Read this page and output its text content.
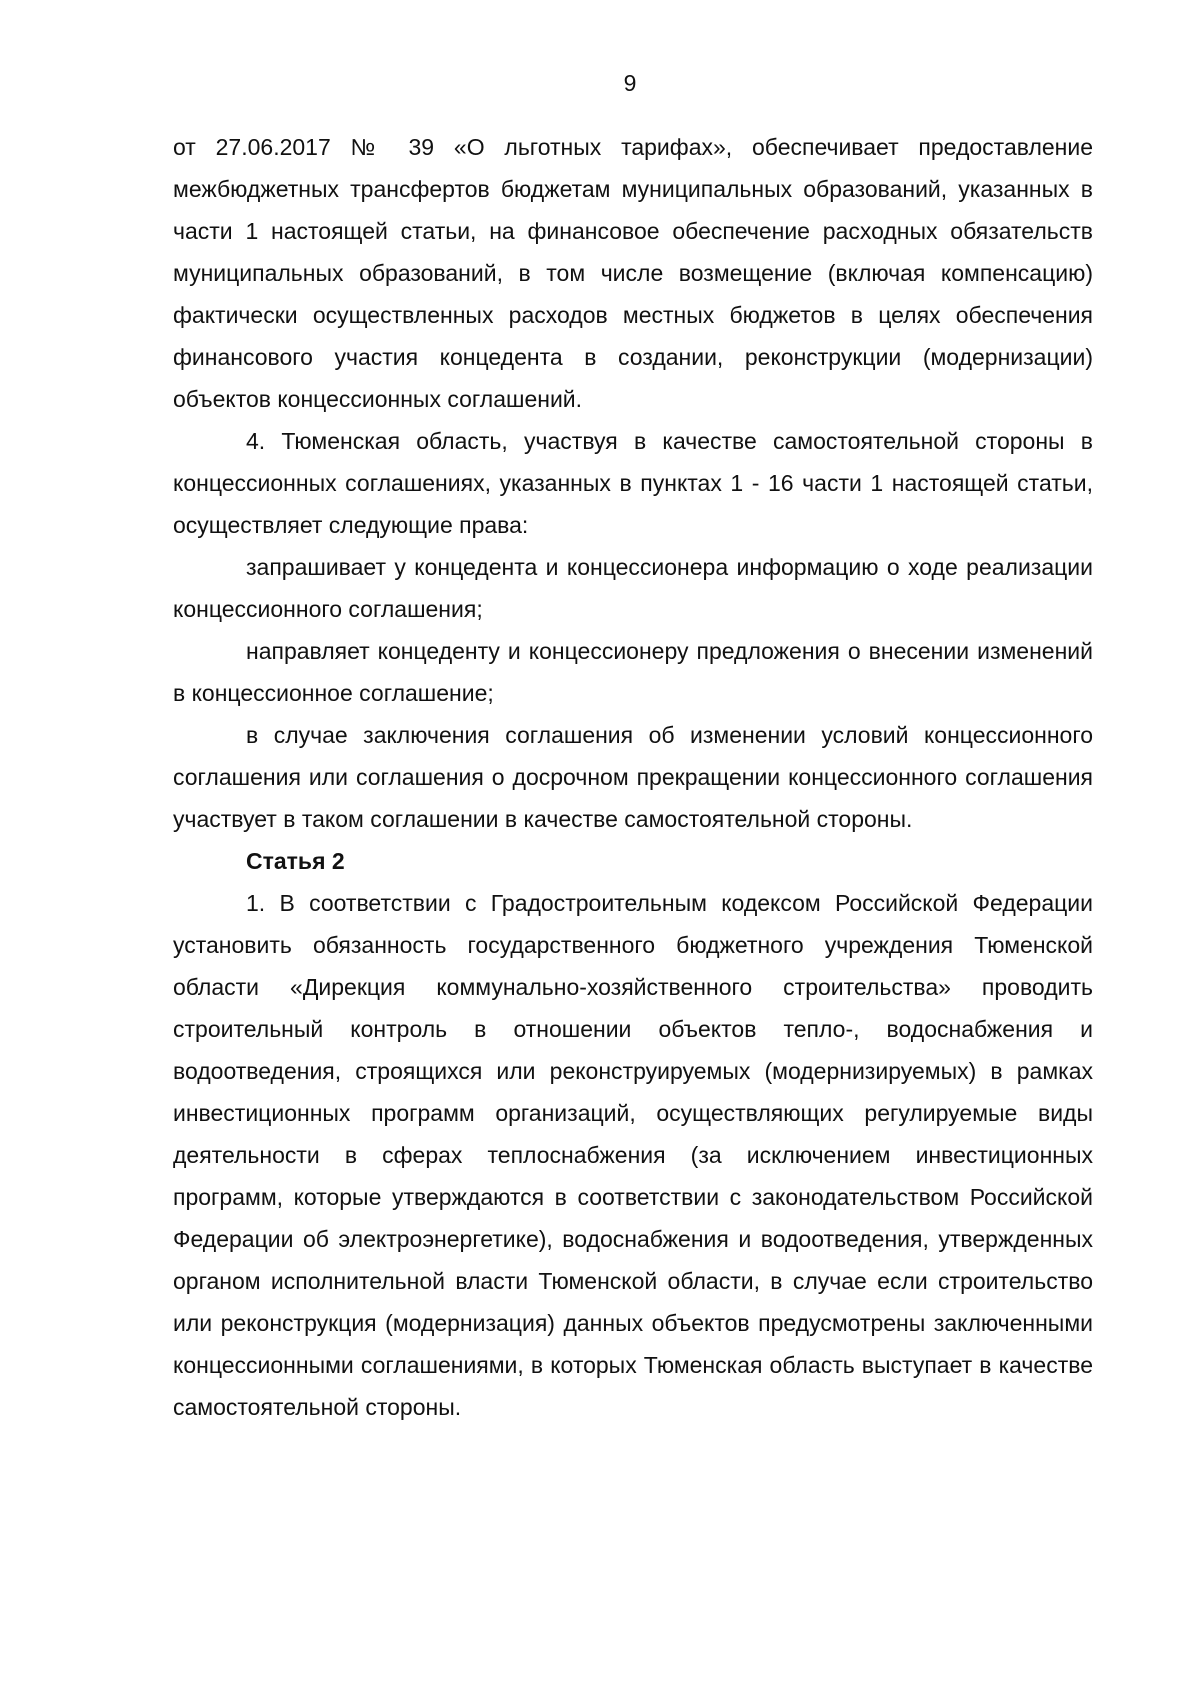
9

от 27.06.2017 № 39 «О льготных тарифах», обеспечивает предоставление межбюджетных трансфертов бюджетам муниципальных образований, указанных в части 1 настоящей статьи, на финансовое обеспечение расходных обязательств муниципальных образований, в том числе возмещение (включая компенсацию) фактически осуществленных расходов местных бюджетов в целях обеспечения финансового участия концедента в создании, реконструкции (модернизации) объектов концессионных соглашений.

4. Тюменская область, участвуя в качестве самостоятельной стороны в концессионных соглашениях, указанных в пунктах 1 - 16 части 1 настоящей статьи, осуществляет следующие права:

запрашивает у концедента и концессионера информацию о ходе реализации концессионного соглашения;

направляет концеденту и концессионеру предложения о внесении изменений в концессионное соглашение;

в случае заключения соглашения об изменении условий концессионного соглашения или соглашения о досрочном прекращении концессионного соглашения участвует в таком соглашении в качестве самостоятельной стороны.

Статья 2

1. В соответствии с Градостроительным кодексом Российской Федерации установить обязанность государственного бюджетного учреждения Тюменской области «Дирекция коммунально-хозяйственного строительства» проводить строительный контроль в отношении объектов тепло-, водоснабжения и водоотведения, строящихся или реконструируемых (модернизируемых) в рамках инвестиционных программ организаций, осуществляющих регулируемые виды деятельности в сферах теплоснабжения (за исключением инвестиционных программ, которые утверждаются в соответствии с законодательством Российской Федерации об электроэнергетике), водоснабжения и водоотведения, утвержденных органом исполнительной власти Тюменской области, в случае если строительство или реконструкция (модернизация) данных объектов предусмотрены заключенными концессионными соглашениями, в которых Тюменская область выступает в качестве самостоятельной стороны.
